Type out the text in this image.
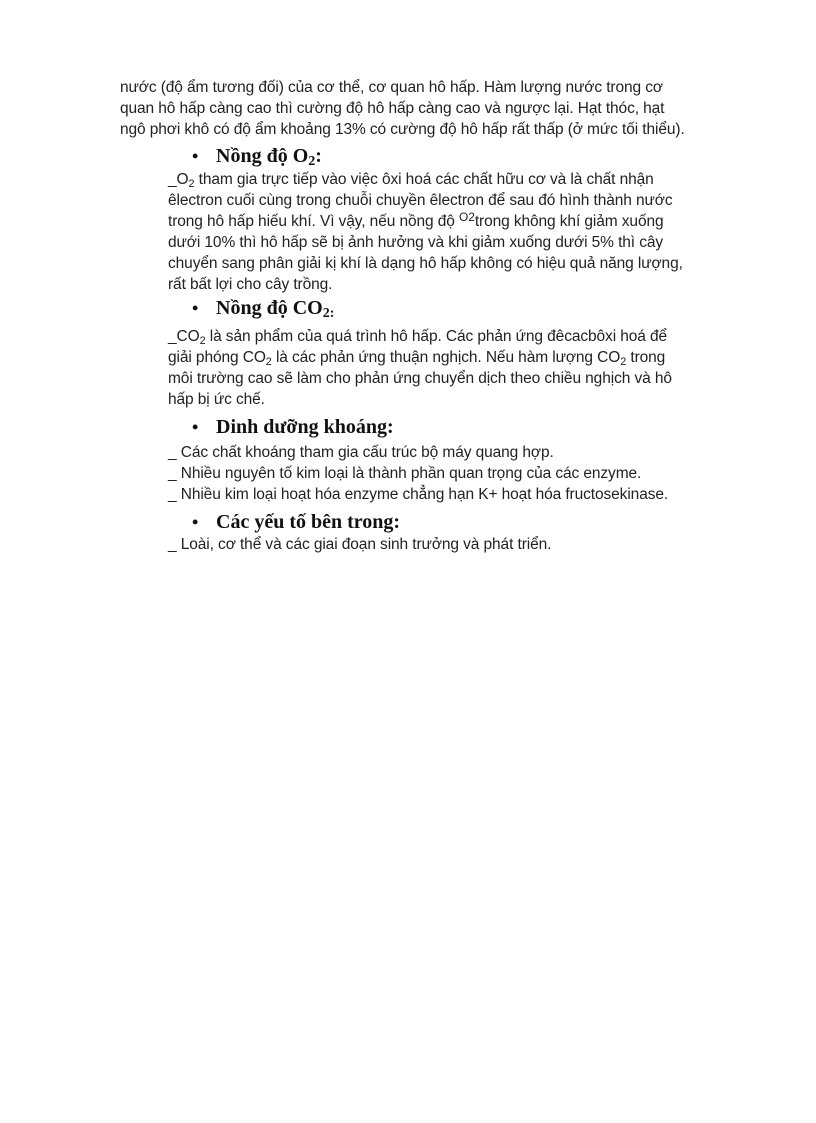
nước (độ ẩm tương đối) của cơ thể, cơ quan hô hấp. Hàm lượng nước trong cơ

quan hô hấp càng cao thì cường độ hô hấp càng cao và ngược lại. Hạt thóc, hạt

ngô phơi khô có độ ẩm khoảng 13% có cường độ hô hấp rất thấp (ở mức tối thiểu).

• Nồng độ $O_2$:

$\_O_2$ tham gia trực tiếp vào việc ôxi hoá các chất hữu cơ và là chất nhận

êlectron cuối cùng trong chuỗi chuyền êlectron để sau đó hình thành nước

trong hô hấp hiếu khí. Vì vậy, nếu nồng độ $^{O2}$trong không khí giảm xuống

dưới 10% thì hô hấp sẽ bị ảnh hưởng và khi giảm xuống dưới 5% thì cây

chuyển sang phân giải kị khí là dạng hô hấp không có hiệu quả năng lượng,

rất bất lợi cho cây trồng.

• Nồng độ $CO_{2:}$

$\_CO_2$ là sản phẩm của quá trình hô hấp. Các phản ứng đêcacbôxi hoá để

giải phóng $CO_2$ là các phản ứng thuận nghịch. Nếu hàm lượng $CO_2$ trong

môi trường cao sẽ làm cho phản ứng chuyển dịch theo chiều nghịch và hô

hấp bị ức chế.

• Dinh dưỡng khoáng:

_ Các chất khoáng tham gia cấu trúc bộ máy quang hợp.

_ Nhiều nguyên tố kim loại là thành phần quan trọng của các enzyme.

_ Nhiều kim loại hoạt hóa enzyme chẳng hạn K+ hoạt hóa fructosekinase.

• Các yếu tố bên trong:

_ Loài, cơ thể và các giai đoạn sinh trưởng và phát triển.
